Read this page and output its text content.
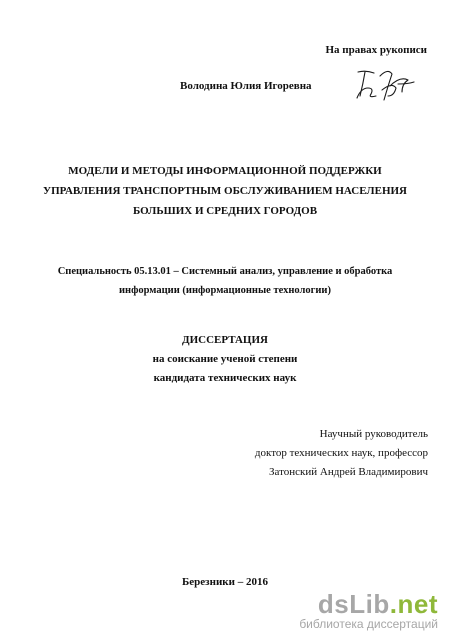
На правах рукописи
Володина Юлия Игоревна
МОДЕЛИ И МЕТОДЫ ИНФОРМАЦИОННОЙ ПОДДЕРЖКИ
УПРАВЛЕНИЯ ТРАНСПОРТНЫМ ОБСЛУЖИВАНИЕМ НАСЕЛЕНИЯ
БОЛЬШИХ И СРЕДНИХ ГОРОДОВ
Специальность 05.13.01 – Системный анализ, управление и обработка
информации (информационные технологии)
ДИССЕРТАЦИЯ
на соискание ученой степени
кандидата технических наук
Научный руководитель
доктор технических наук, профессор
Затонский Андрей Владимирович
Березники – 2016
dsLib.net
библиотека диссертаций
